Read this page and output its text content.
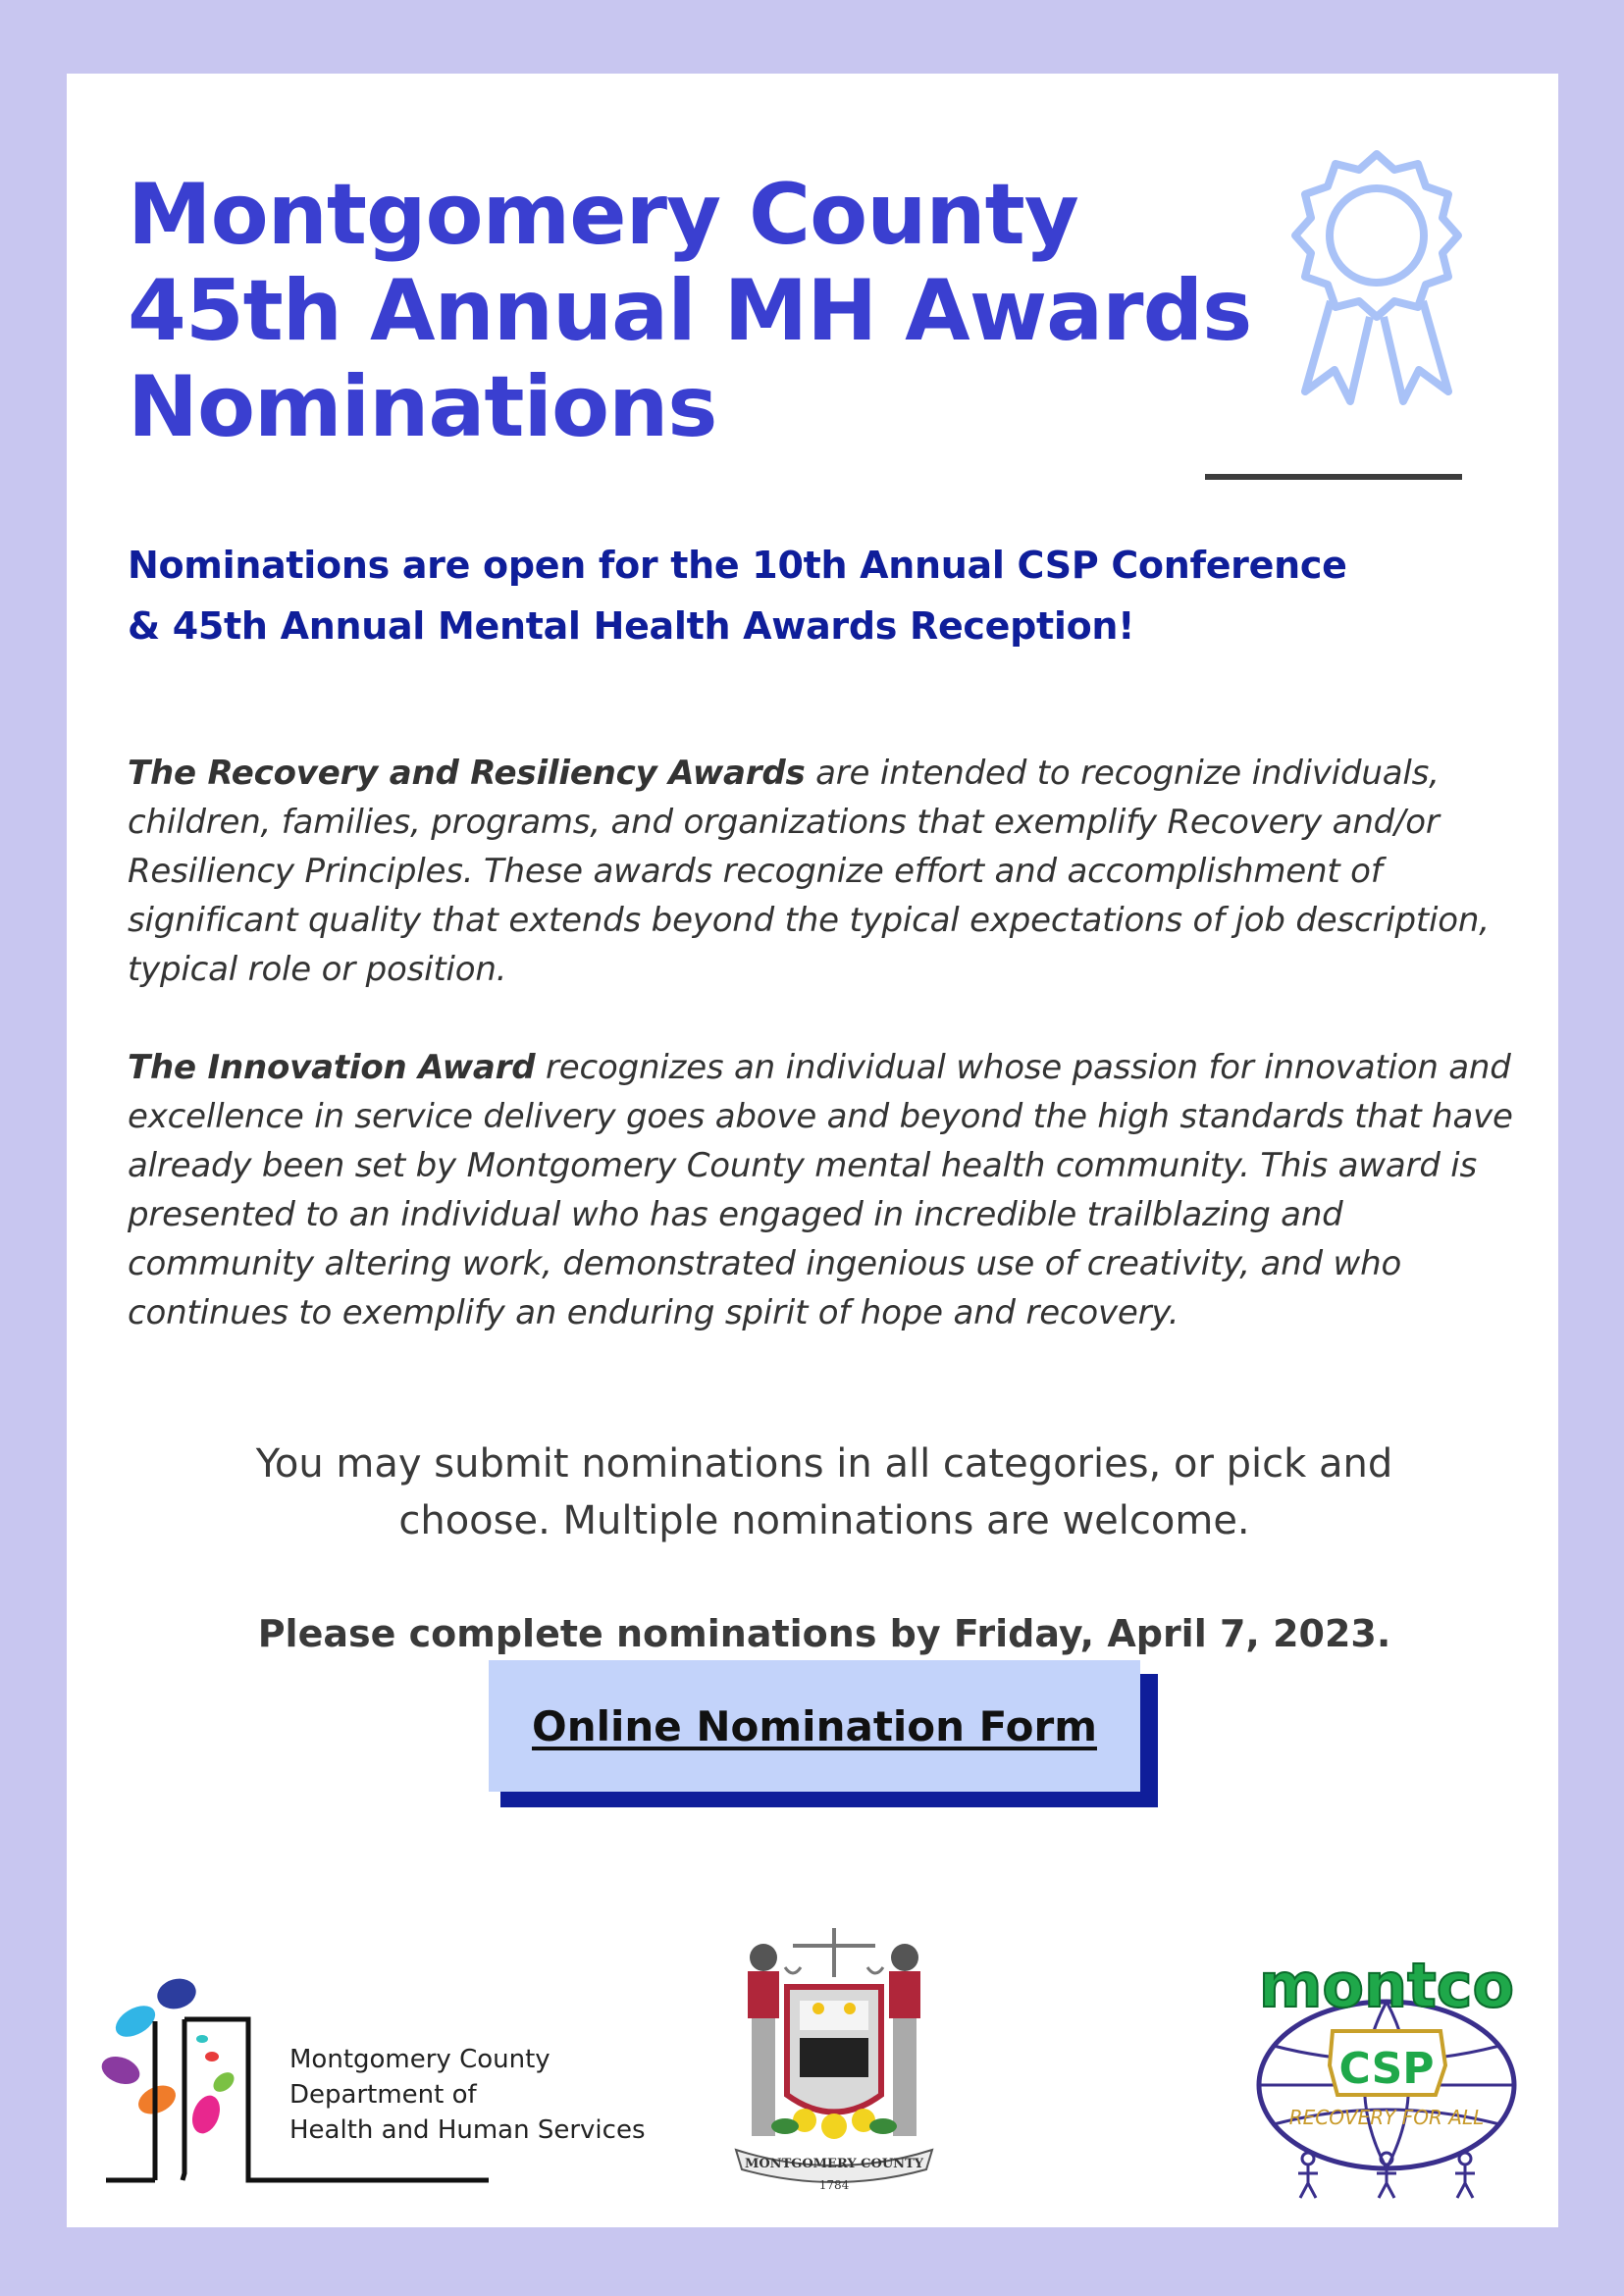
Montgomery County
45th Annual MH Awards
Nominations
Nominations are open for the 10th Annual CSP Conference
& 45th Annual Mental Health Awards Reception!

The Recovery and Resiliency Awards are intended to recognize individuals, children, families, programs, and organizations that exemplify Recovery and/or Resiliency Principles. These awards recognize effort and accomplishment of significant quality that extends beyond the typical expectations of job description, typical role or position.

The Innovation Award recognizes an individual whose passion for innovation and excellence in service delivery goes above and beyond the high standards that have already been set by Montgomery County mental health community. This award is presented to an individual who has engaged in incredible trailblazing and community altering work, demonstrated ingenious use of creativity, and who continues to exemplify an enduring spirit of hope and recovery.

You may submit nominations in all categories, or pick and
choose. Multiple nominations are welcome.

Please complete nominations by Friday, April 7, 2023.

Online Nomination Form
Montgomery County
Department of
Health and Human Services
MONTGOMERY COUNTY
1784
montco
CSP
RECOVERY FOR ALL
